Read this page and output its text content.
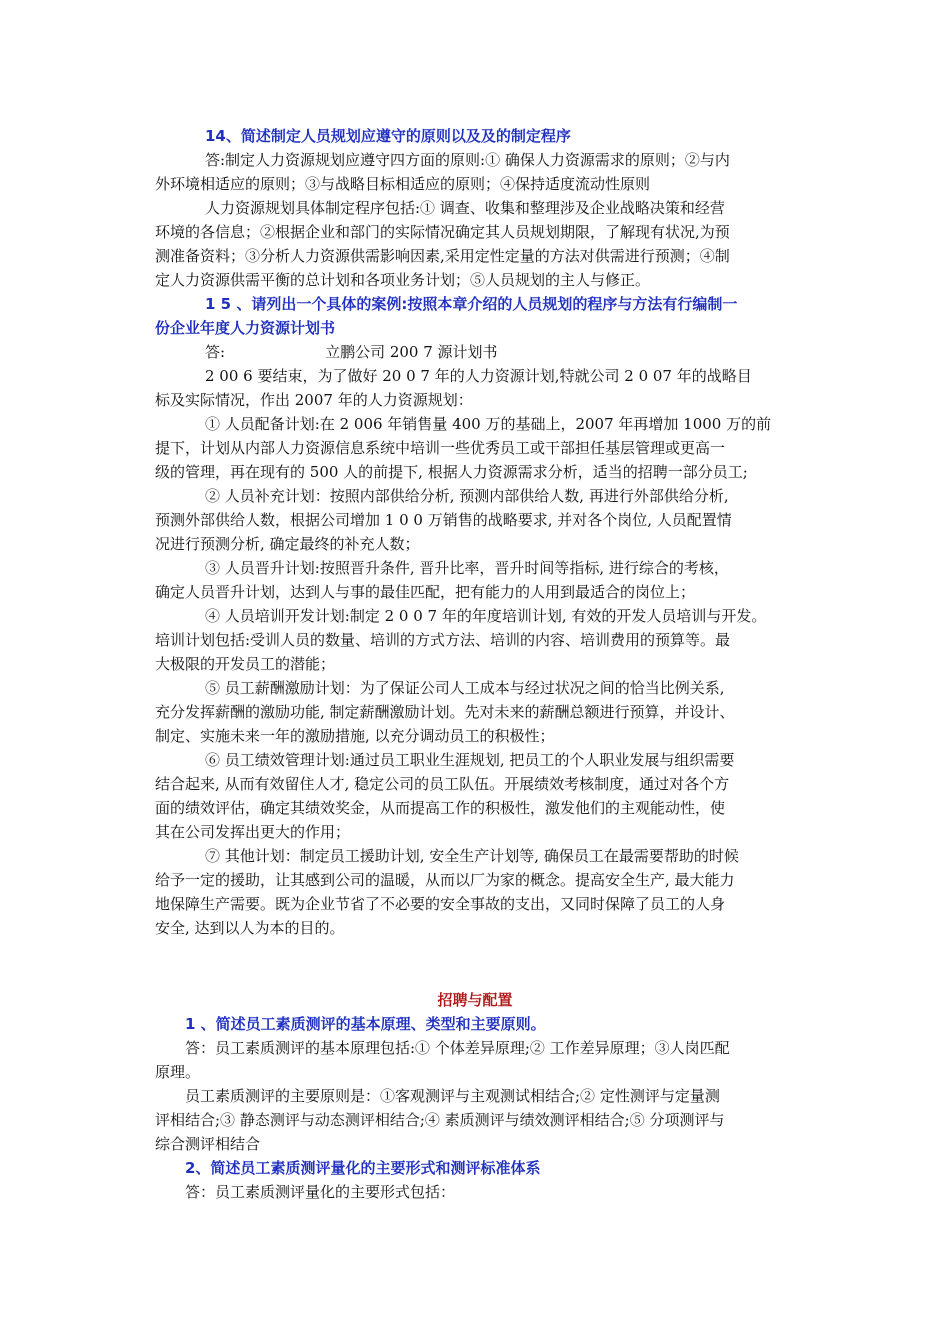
14、简述制定人员规划应遵守的原则以及及的制定程序
答:制定人力资源规划应遵守四方面的原则:① 确保人力资源需求的原则；②与内
外环境相适应的原则；③与战略目标相适应的原则；④保持适度流动性原则
人力资源规划具体制定程序包括:① 调查、收集和整理涉及企业战略决策和经营
环境的各信息；②根据企业和部门的实际情况确定其人员规划期限，了解现有状况,为预
测准备资料；③分析人力资源供需影响因素,采用定性定量的方法对供需进行预测；④制
定人力资源供需平衡的总计划和各项业务计划；⑤人员规划的主人与修正。
1 5 、请列出一个具体的案例:按照本章介绍的人员规划的程序与方法有行编制一
份企业年度人力资源计划书
答:	立鹏公司 200 7 源计划书
2 00 6 要结束，为了做好 20 0 7 年的人力资源计划,特就公司 2 0 07 年的战略目
标及实际情况，作出 2007 年的人力资源规划：
① 人员配备计划:在 2 006 年销售量 400 万的基础上，2007 年再增加 1000 万的前
提下，计划从内部人力资源信息系统中培训一些优秀员工或干部担任基层管理或更高一
级的管理，再在现有的 500 人的前提下, 根据人力资源需求分析，适当的招聘一部分员工;
② 人员补充计划：按照内部供给分析, 预测内部供给人数, 再进行外部供给分析,
预测外部供给人数，根据公司增加 1 0 0 万销售的战略要求, 并对各个岗位, 人员配置情
况进行预测分析, 确定最终的补充人数；
③ 人员晋升计划:按照晋升条件, 晋升比率，晋升时间等指标, 进行综合的考核，
确定人员晋升计划，达到人与事的最佳匹配，把有能力的人用到最适合的岗位上；
④ 人员培训开发计划:制定 2 0 0 7 年的年度培训计划, 有效的开发人员培训与开发。
培训计划包括:受训人员的数量、培训的方式方法、培训的内容、培训费用的预算等。最
大极限的开发员工的潜能；
⑤ 员工薪酬激励计划：为了保证公司人工成本与经过状况之间的恰当比例关系,
充分发挥薪酬的激励功能, 制定薪酬激励计划。先对未来的薪酬总额进行预算，并设计、
制定、实施未来一年的激励措施, 以充分调动员工的积极性；
⑥ 员工绩效管理计划:通过员工职业生涯规划, 把员工的个人职业发展与组织需要
结合起来, 从而有效留住人才, 稳定公司的员工队伍。开展绩效考核制度，通过对各个方
面的绩效评估，确定其绩效奖金，从而提高工作的积极性，激发他们的主观能动性，使
其在公司发挥出更大的作用；
⑦ 其他计划：制定员工援助计划, 安全生产计划等, 确保员工在最需要帮助的时候
给予一定的援助，让其感到公司的温暖，从而以厂为家的概念。提高安全生产, 最大能力
地保障生产需要。既为企业节省了不必要的安全事故的支出，又同时保障了员工的人身
安全, 达到以人为本的目的。
招聘与配置
1 、简述员工素质测评的基本原理、类型和主要原则。
答：员工素质测评的基本原理包括:① 个体差异原理;② 工作差异原理；③人岗匹配
原理。
员工素质测评的主要原则是：①客观测评与主观测试相结合;② 定性测评与定量测
评相结合;③ 静态测评与动态测评相结合;④ 素质测评与绩效测评相结合;⑤ 分项测评与
综合测评相结合
2、简述员工素质测评量化的主要形式和测评标准体系
答：员工素质测评量化的主要形式包括：
